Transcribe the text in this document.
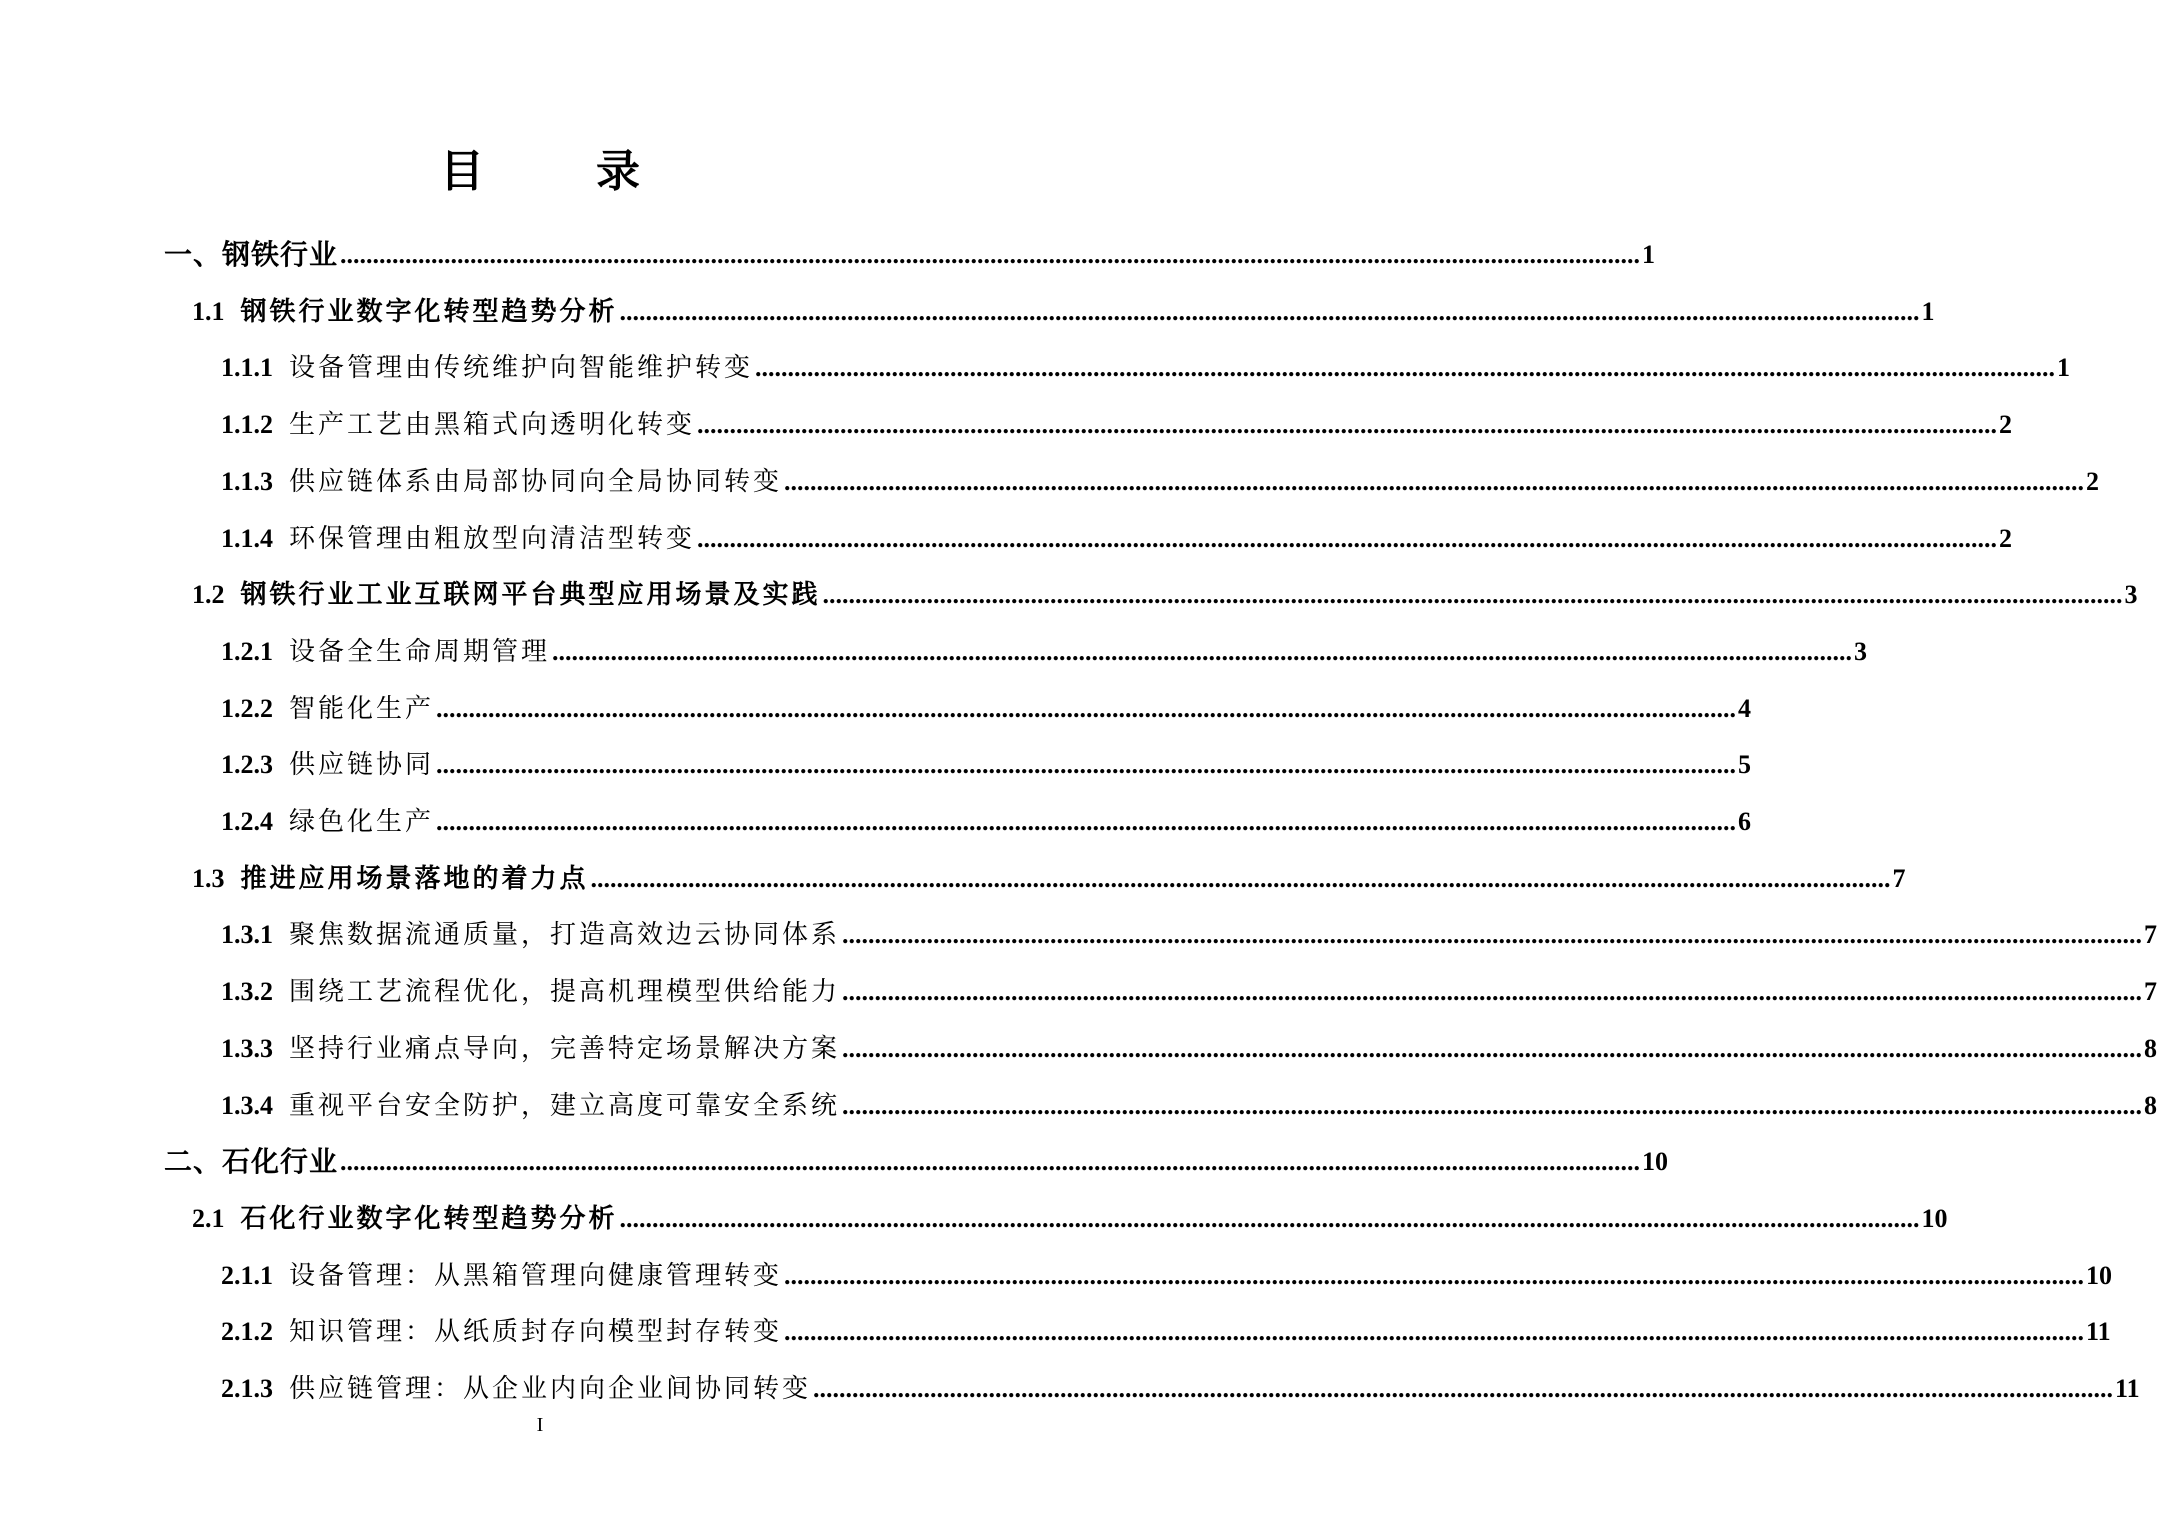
目	录
一、钢铁行业 ........................................................................................................................................................................................................ 1
1.1 钢铁行业数字化转型趋势分析 ........................................................................................................................................................................................................ 1
1.1.1 设备管理由传统维护向智能维护转变 ........................................................................................................................................................................................................ 1
1.1.2 生产工艺由黑箱式向透明化转变 ........................................................................................................................................................................................................ 2
1.1.3 供应链体系由局部协同向全局协同转变 ........................................................................................................................................................................................................ 2
1.1.4 环保管理由粗放型向清洁型转变 ........................................................................................................................................................................................................ 2
1.2 钢铁行业工业互联网平台典型应用场景及实践 ........................................................................................................................................................................................................ 3
1.2.1 设备全生命周期管理 ........................................................................................................................................................................................................ 3
1.2.2 智能化生产 ........................................................................................................................................................................................................ 4
1.2.3 供应链协同 ........................................................................................................................................................................................................ 5
1.2.4 绿色化生产 ........................................................................................................................................................................................................ 6
1.3 推进应用场景落地的着力点 ........................................................................................................................................................................................................ 7
1.3.1 聚焦数据流通质量，打造高效边云协同体系 ........................................................................................................................................................................................................ 7
1.3.2 围绕工艺流程优化，提高机理模型供给能力 ........................................................................................................................................................................................................ 7
1.3.3 坚持行业痛点导向，完善特定场景解决方案 ........................................................................................................................................................................................................ 8
1.3.4 重视平台安全防护，建立高度可靠安全系统 ........................................................................................................................................................................................................ 8
二、石化行业 ........................................................................................................................................................................................................ 10
2.1 石化行业数字化转型趋势分析 ........................................................................................................................................................................................................ 10
2.1.1 设备管理：从黑箱管理向健康管理转变 ........................................................................................................................................................................................................ 10
2.1.2 知识管理：从纸质封存向模型封存转变 ........................................................................................................................................................................................................ 11
2.1.3 供应链管理：从企业内向企业间协同转变 ........................................................................................................................................................................................................ 11
I
